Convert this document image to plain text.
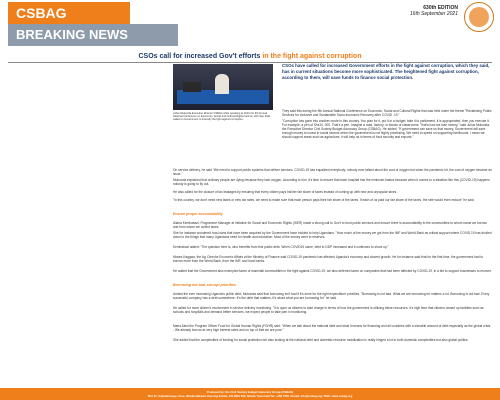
CSBAG
BREAKING NEWS
630th EDITION
16th September 2021
CSOs call for increased Gov't efforts in the fight against corruption
Julius Mukunda Executive Director CSBAG while speaking at 2021 the 9th Annual National Conference on Economic, Social and Cultural Rights held on 14th Sep 2021 called on Government to intensify the fight against corruption.
CSOs have called for increased Government efforts in the fight against corruption, which they said, has in current situations become more sophisticated. The heightened fight against corruption, according to them, will save funds to finance social protection.

They said this during the 9th Annual National Conference on Economic, Social and Cultural Rights that was held under the theme "Reclaiming Public Services for Inclusive and Sustainable Socio-economic Recovery after COVID -19."

"Corruption has gone into another mode in this country. You plan for it, put it in a budget, take it to parliament, it is appropriated, then you execute it. For example, a pen of Shs10, 000. That's a pen. Imagine a road, factory, or blocks of classrooms. That's how we lose money," said Julius Mukunda, the Executive Director Civil Society Budget Advocacy Group (CSBAG). He added: "If government can save us that money, Government will save enough money to invest in social sectors which the government is not highly prioritizing. We need to speed on supporting livelihoods. I mean we should support areas such as agriculture, it will help us in terms of food security and exports."

On service delivery, he said "We need to support public systems that deliver services. COVID-19 has equalized everybody; nobody ever talked about the cost of oxygen but when the pandemic hit, the cost of oxygen became an issue."

Mukunda explained that ordinary people are dying because they lack oxygen. According to him, it's time to ensure that each hospital has the minimum basics because when it comes to a situation like this (COVID-19) happens nobody is going to fly out.

He also called for the closure of tax leakages by ensuring that every citizen pays his/her fair share of taxes instead of coming up with new and unpopular taxes.

"In this country, we don't need new taxes or new tax rates, we need to make sure that each person pays their fair share of the taxes. If each of us paid our fair share of the taxes, the rate would even reduce" he said.

Ensure proper accountability

Allana Kembabazi, Programme Manager at Initiative for Social and Economic Rights (ISER) made a strong call to Gov't to fund public services and ensure there is accountability to the communities to whom name we borrow and from whom we collect taxes.

She for instance wondered how loans that have been acquired by the Government have trickled to help Ugandans. "How much of the money we got from the IMF and World Bank as critical support where COVID 19 has trickled down to the things that many Ugandans need for health and education. Most of the money went to reserves.

Kembabazi added: "The question here is, who benefits from this public debt. When COVID19 came, debt to GDP increased and it continues to shoot up."

Moses Kaggwa, the Ag. Director Economic Affairs at the Ministry of Finance said COVID-19 pandemic has affected Uganda's economy and slowed growth. He for instance said that for the first time, the government had to borrow more from the World Bank, from the IMF, and local banks.

He added that the Government also exempted taxes of essential commodities in the fight against COVID-19, we also deferred taxes on companies that had been affected by COVID-19, in a bid to support businesses to recover.

Borrowing not bad, corrupt priorities

Amidst the ever increasing Uganda's public debt, Mukunda said that borrowing isn't bad if it's done for the right expenditure priorities. "Borrowing is not bad. What we are borrowing for matters a lot. Borrowing is not bad. Every successful company has a debt somewhere. It's the debt that matters, it's about what you are borrowing for" he said.

He called for more citizen's involvement in service delivery monitoring. "It is upon us citizens to take charge in terms of how the government is utilizing these resources. It's high time that citizens owned up facilities such as schools and hospitals and demand better services, we expect people to take part in monitoring.

Maria Alesi the Program Officer Food for Global Human Rights (FGHR) said: "When we talk about the national debt and what it means for financing and all countries with a sizeable amount of debt especially as the global crisis - We already borrow at very high interest rates and on top of that we are poor."

She added that the complexities of funding for social protection but also looking at the national debt and domestic resource mobilization is really hinged a lot to both domestic complexities but also global politics.

Produced by: the Civil Society Budget Advocacy Group (CSBAG)
Plot 11, Vubyabirenge close, Ntinda Nakawa Housing Estate, P.O.BOX 660, Ntinda Town Hall Tel: +256 7059 / Email: info@csbag.org / Web: www.csbag.org
